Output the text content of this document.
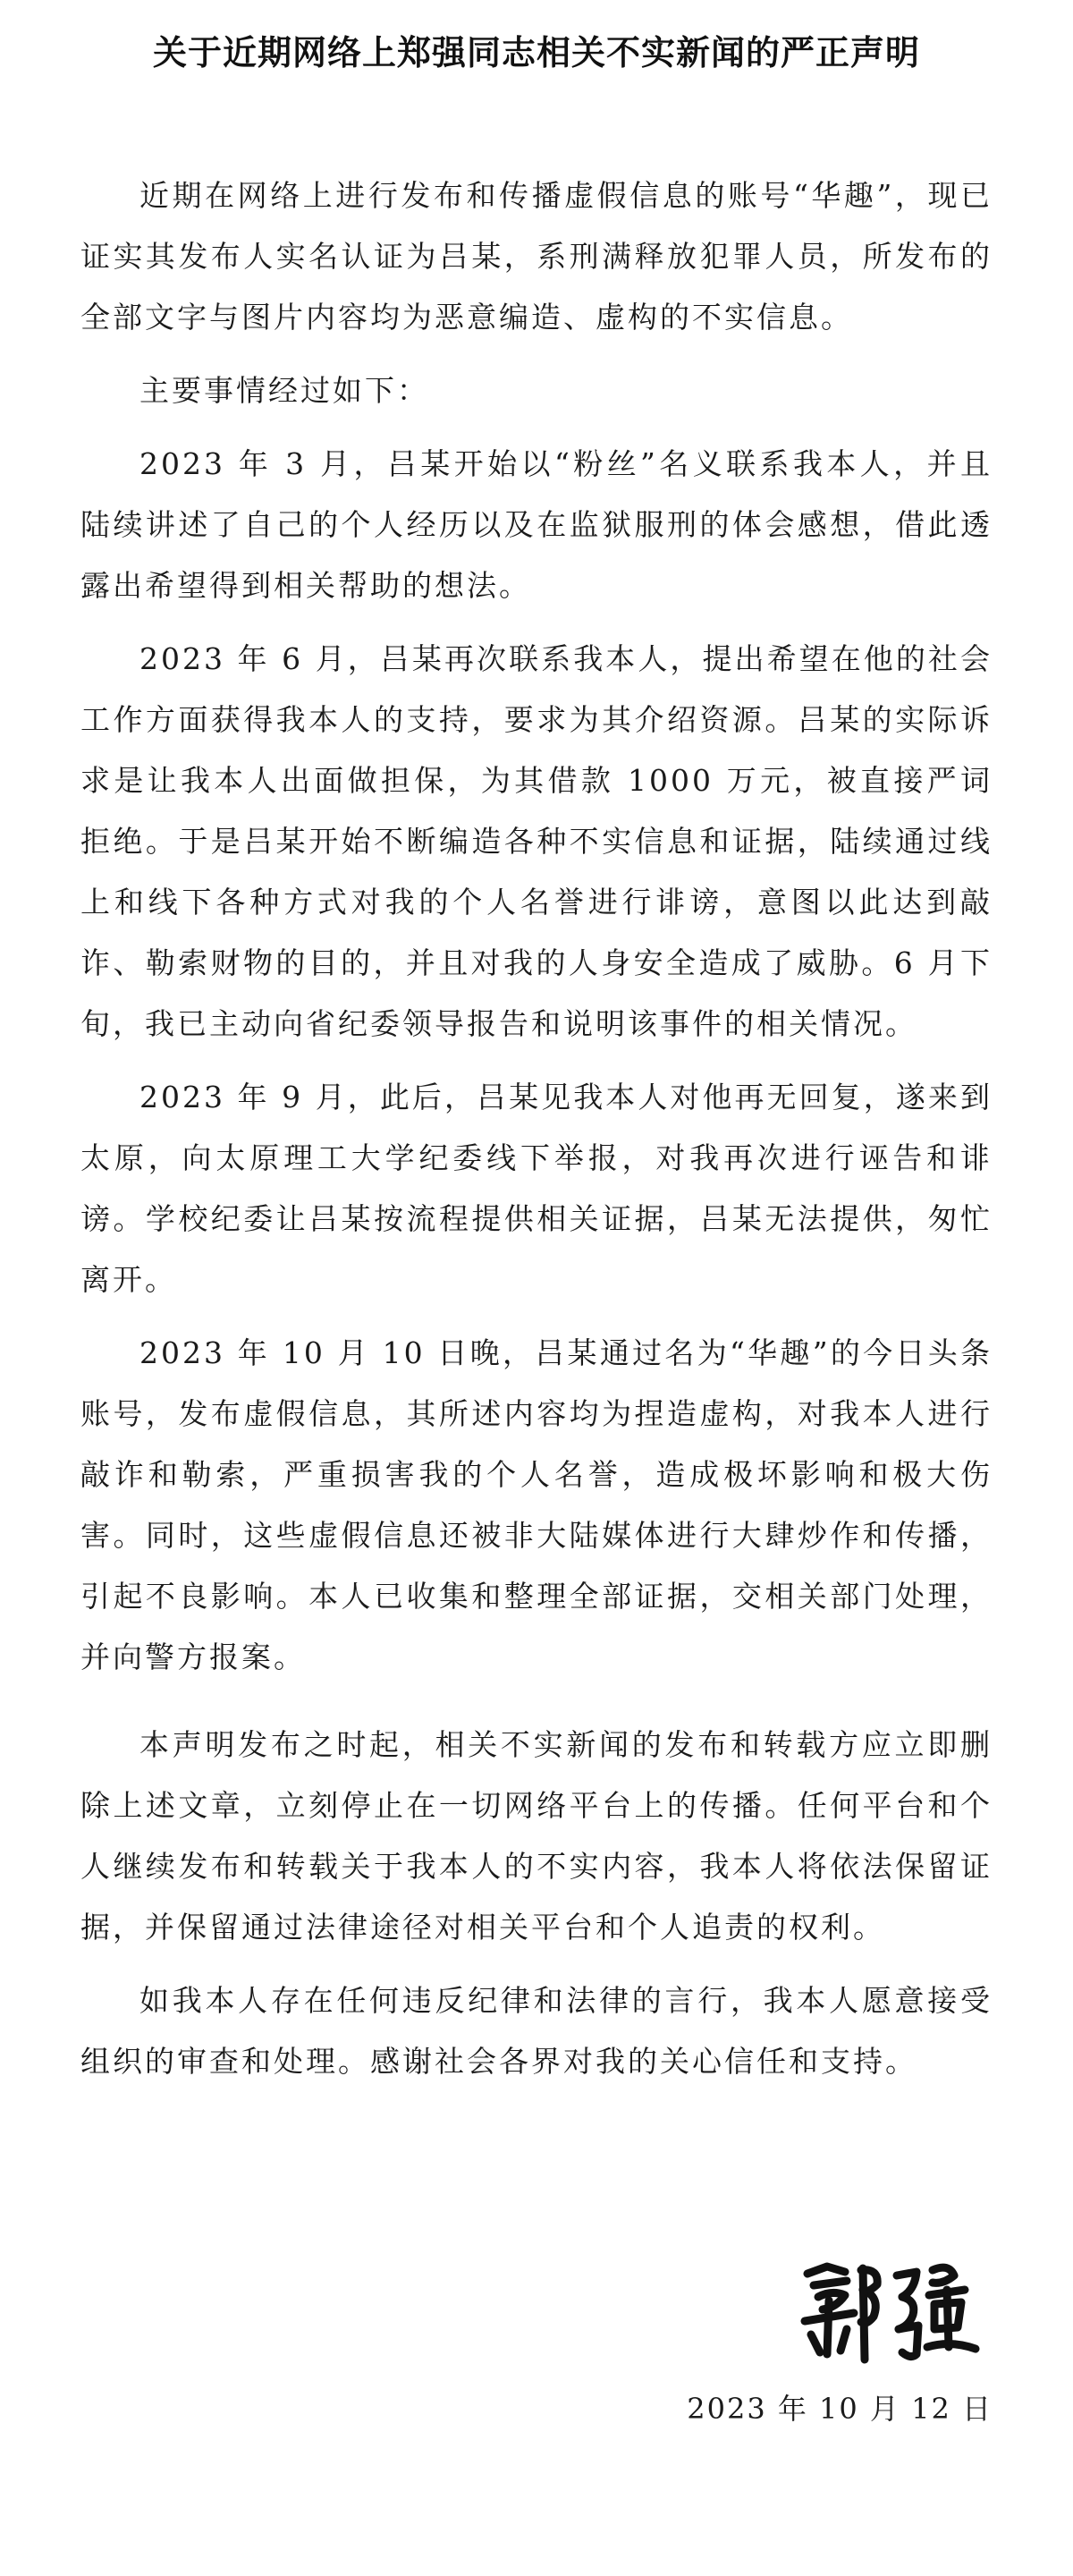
关于近期网络上郑强同志相关不实新闻的严正声明

近期在网络上进行发布和传播虚假信息的账号“华趣”，现已证实其发布人实名认证为吕某，系刑满释放犯罪人员，所发布的全部文字与图片内容均为恶意编造、虚构的不实信息。

主要事情经过如下：

2023 年 3 月，吕某开始以“粉丝”名义联系我本人，并且陆续讲述了自己的个人经历以及在监狱服刑的体会感想，借此透露出希望得到相关帮助的想法。

2023 年 6 月，吕某再次联系我本人，提出希望在他的社会工作方面获得我本人的支持，要求为其介绍资源。吕某的实际诉求是让我本人出面做担保，为其借款 1000 万元，被直接严词拒绝。于是吕某开始不断编造各种不实信息和证据，陆续通过线上和线下各种方式对我的个人名誉进行诽谤，意图以此达到敲诈、勒索财物的目的，并且对我的人身安全造成了威胁。6 月下旬，我已主动向省纪委领导报告和说明该事件的相关情况。

2023 年 9 月，此后，吕某见我本人对他再无回复，遂来到太原，向太原理工大学纪委线下举报，对我再次进行诬告和诽谤。学校纪委让吕某按流程提供相关证据，吕某无法提供，匆忙离开。

2023 年 10 月 10 日晚，吕某通过名为“华趣”的今日头条账号，发布虚假信息，其所述内容均为捏造虚构，对我本人进行敲诈和勒索，严重损害我的个人名誉，造成极坏影响和极大伤害。同时，这些虚假信息还被非大陆媒体进行大肆炒作和传播，引起不良影响。本人已收集和整理全部证据，交相关部门处理，并向警方报案。

本声明发布之时起，相关不实新闻的发布和转载方应立即删除上述文章，立刻停止在一切网络平台上的传播。任何平台和个人继续发布和转载关于我本人的不实内容，我本人将依法保留证据，并保留通过法律途径对相关平台和个人追责的权利。

如我本人存在任何违反纪律和法律的言行，我本人愿意接受组织的审查和处理。感谢社会各界对我的关心信任和支持。

2023 年 10 月 12 日
